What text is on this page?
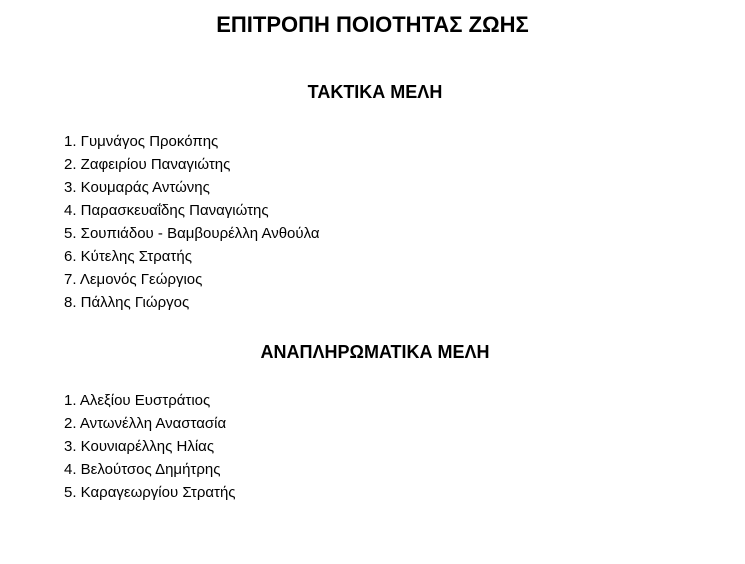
ΕΠΙΤΡΟΠΗ ΠΟΙΟΤΗΤΑΣ ΖΩΗΣ
ΤΑΚΤΙΚΑ ΜΕΛΗ
1. Γυμνάγος Προκόπης
2. Ζαφειρίου Παναγιώτης
3. Κουμαράς Αντώνης
4. Παρασκευαΐδης Παναγιώτης
5. Σουπιάδου - Βαμβουρέλλη Ανθούλα
6. Κύτελης Στρατής
7. Λεμονός Γεώργιος
8. Πάλλης Γιώργος
ΑΝΑΠΛΗΡΩΜΑΤΙΚΑ ΜΕΛΗ
1. Αλεξίου Ευστράτιος
2. Αντωνέλλη Αναστασία
3. Κουνιαρέλλης Ηλίας
4. Βελούτσος Δημήτρης
5. Καραγεωργίου Στρατής
